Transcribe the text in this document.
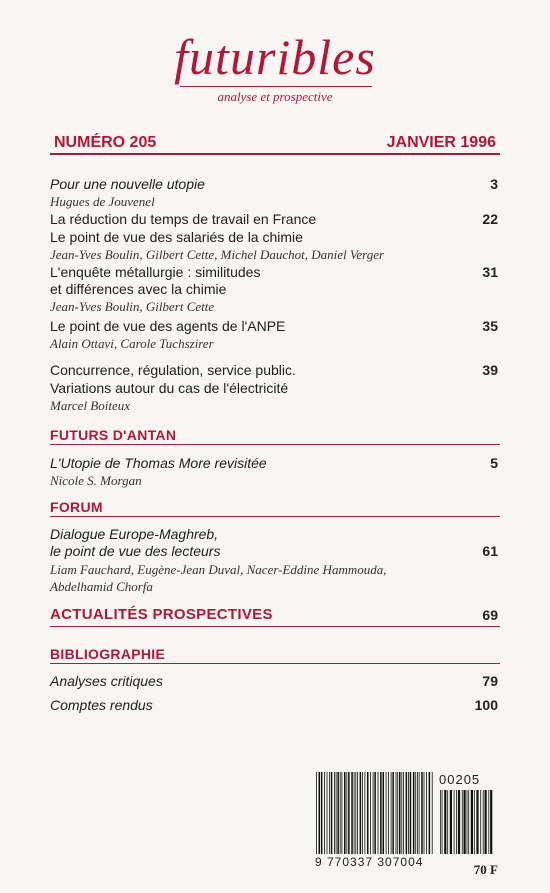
futuribles
analyse et prospective
NUMÉRO 205	JANVIER 1996
Pour une nouvelle utopie	3
Hugues de Jouvenel
La réduction du temps de travail en France	22
Le point de vue des salariés de la chimie
Jean-Yves Boulin, Gilbert Cette, Michel Dauchot, Daniel Verger
L'enquête métallurgie : similitudes	31
et différences avec la chimie
Jean-Yves Boulin, Gilbert Cette
Le point de vue des agents de l'ANPE	35
Alain Ottavi, Carole Tuchszirer
Concurrence, régulation, service public.	39
Variations autour du cas de l'électricité
Marcel Boiteux
FUTURS D'ANTAN
L'Utopie de Thomas More revisitée	5
Nicole S. Morgan
FORUM
Dialogue Europe-Maghreb,
le point de vue des lecteurs	61
Liam Fauchard, Eugène-Jean Duval, Nacer-Eddine Hammouda,
Abdelhamid Chorfa
ACTUALITÉS PROSPECTIVES	69
BIBLIOGRAPHIE
Analyses critiques	79
Comptes rendus	100
9 770337 307004
00205
70 F
